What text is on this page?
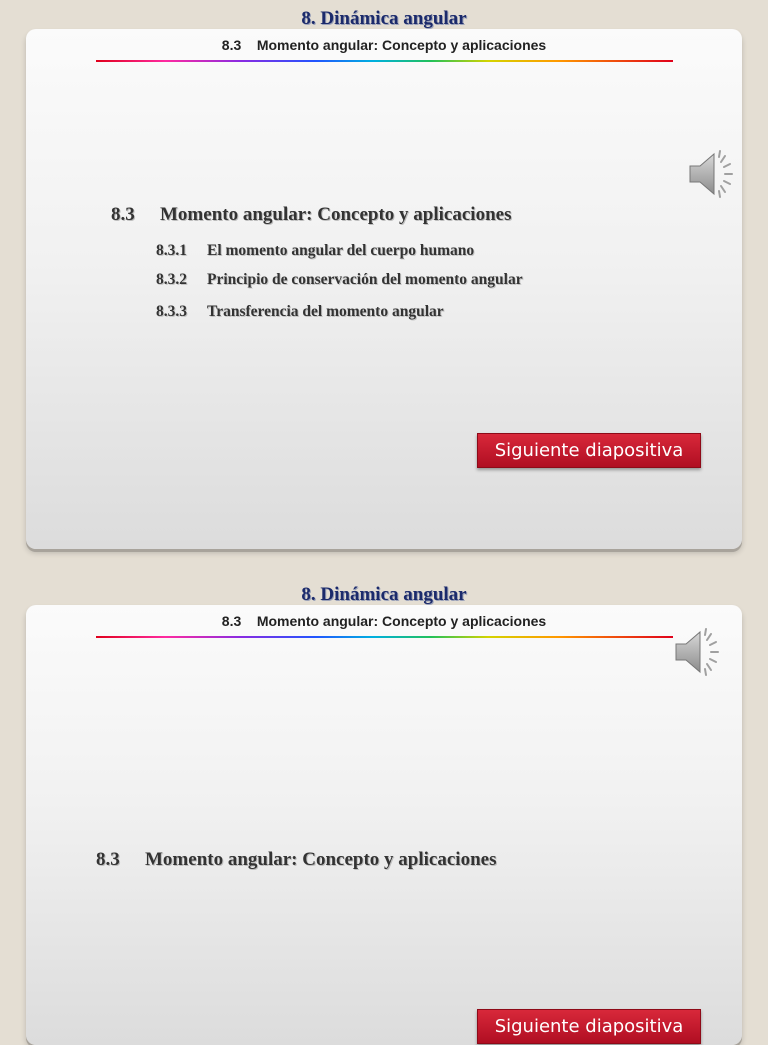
8. Dinámica angular
8.3    Momento angular: Concepto y aplicaciones
8.3 Momento angular: Concepto y aplicaciones
8.3.1 El momento angular del cuerpo humano
8.3.2 Principio de conservación del momento angular
8.3.3 Transferencia del momento angular
Siguiente diapositiva
8. Dinámica angular
8.3    Momento angular: Concepto y aplicaciones
8.3 Momento angular: Concepto y aplicaciones
Siguiente diapositiva
